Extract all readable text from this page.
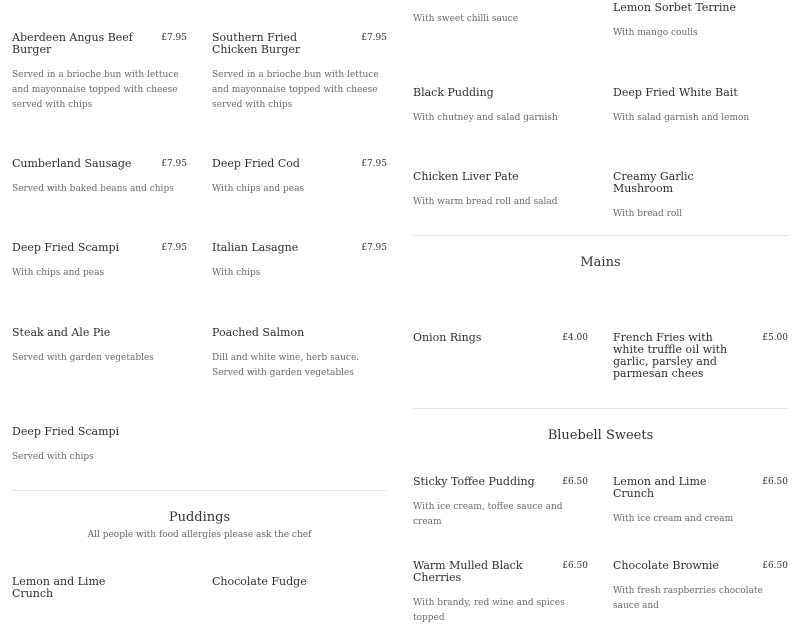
Aberdeen Angus Beef Burger
£7.95
Served in a brioche bun with lettuce and mayonnaise topped with cheese served with chips
Southern Fried Chicken Burger
£7.95
Served in a brioche bun with lettuce and mayonnaise topped with cheese served with chips
Cumberland Sausage	£7.95
Served with baked beans and chips
Deep Fried Cod	£7.95
With chips and peas
Deep Fried Scampi	£7.95
With chips and peas
Italian Lasagne	£7.95
With chips
Steak and Ale Pie
Served with garden vegetables
Poached Salmon
Dill and white wine, herb sauce. Served with garden vegetables
Deep Fried Scampi
Served with chips
Puddings
All people with food allergies please ask the chef
Lemon and Lime Crunch
Chocolate Fudge
With sweet chilli sauce
Lemon Sorbet Terrine
With mango coulis
Black Pudding
With chutney and salad garnish
Deep Fried White Bait
With salad garnish and lemon
Chicken Liver Pate
With warm bread roll and salad
Creamy Garlic Mushroom
With bread roll
Mains
Onion Rings	£4.00 French Fries with white truffle oil with garlic, parsley and parmesan chees
£5.00
Bluebell Sweets
Sticky Toffee Pudding	£6.50
With ice cream, toffee sauce and cream
Lemon and Lime Crunch
£6.50
With ice cream and cream
Warm Mulled Black Cherries
£6.50
With brandy, red wine and spices topped
Chocolate Brownie	£6.50
With fresh raspberries chocolate sauce and
